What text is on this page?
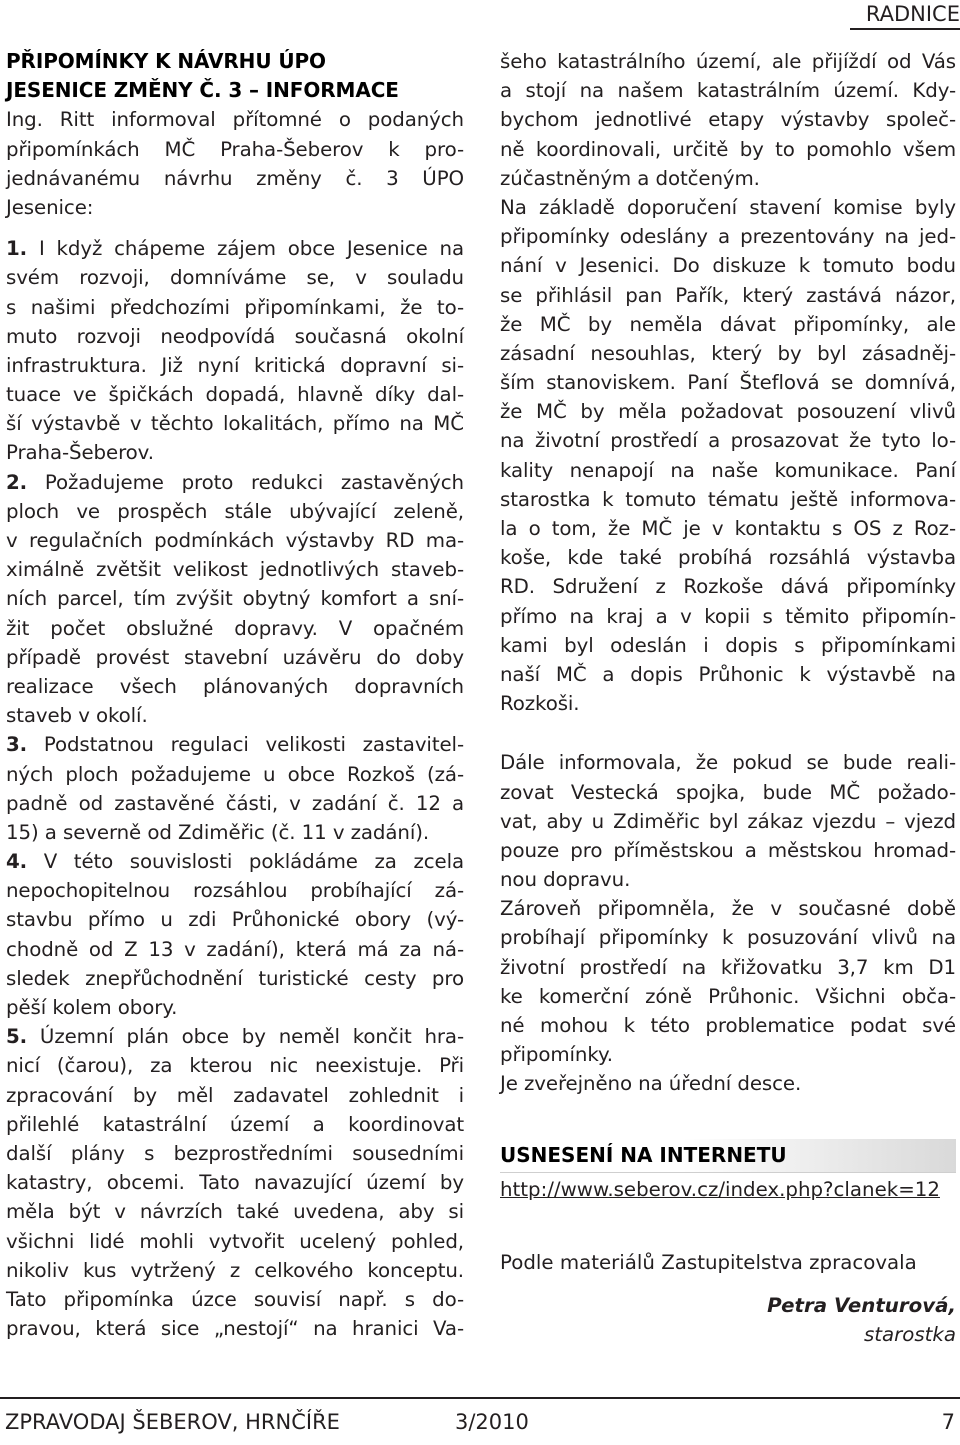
RADNICE
PŘIPOMÍNKY K NÁVRHU ÚPO
JESENICE ZMĚNY Č. 3 – INFORMACE
Ing. Ritt informoval přítomné o podaných
připomínkách MČ Praha-Šeberov k pro-
jednávanému návrhu změny č. 3 ÚPO
Jesenice:
1. I když chápeme zájem obce Jesenice na
svém rozvoji, domníváme se, v souladu
s našimi předchozími připomínkami, že to-
muto rozvoji neodpovídá současná okolní
infrastruktura. Již nyní kritická dopravní si-
tuace ve špičkách dopadá, hlavně díky dal-
ší výstavbě v těchto lokalitách, přímo na MČ
Praha-Šeberov.
2. Požadujeme proto redukci zastavěných
ploch ve prospěch stále ubývající zeleně,
v regulačních podmínkách výstavby RD ma-
ximálně zvětšit velikost jednotlivých staveb-
ních parcel, tím zvýšit obytný komfort a sní-
žit počet obslužné dopravy. V opačném
případě provést stavební uzávěru do doby
realizace všech plánovaných dopravních
staveb v okolí.
3. Podstatnou regulaci velikosti zastavitel-
ných ploch požadujeme u obce Rozkoš (zá-
padně od zastavěné části, v zadání č. 12 a
15) a severně od Zdiměřic (č. 11 v zadání).
4. V této souvislosti pokládáme za zcela
nepochopitelnou rozsáhlou probíhající zá-
stavbu přímo u zdi Průhonické obory (vý-
chodně od Z 13 v zadání), která má za ná-
sledek znepřůchodnění turistické cesty pro
pěší kolem obory.
5. Územní plán obce by neměl končit hra-
nicí (čarou), za kterou nic neexistuje. Při
zpracování by měl zadavatel zohlednit i
přilehlé katastrální území a koordinovat
další plány s bezprostředními sousedními
katastry, obcemi. Tato navazující území by
měla být v návrzích také uvedena, aby si
všichni lidé mohli vytvořit ucelený pohled,
nikoliv kus vytržený z celkového konceptu.
Tato připomínka úzce souvisí např. s do-
pravou, která sice „nestojí“ na hranici Va-
šeho katastrálního území, ale přijíždí od Vás
a stojí na našem katastrálním území. Kdy-
bychom jednotlivé etapy výstavby společ-
ně koordinovali, určitě by to pomohlo všem
zúčastněným a dotčeným.
Na základě doporučení stavení komise byly
připomínky odeslány a prezentovány na jed-
nání v Jesenici. Do diskuze k tomuto bodu
se přihlásil pan Pařík, který zastává názor,
že MČ by neměla dávat připomínky, ale
zásadní nesouhlas, který by byl zásadněj-
ším stanoviskem. Paní Šteflová se domnívá,
že MČ by měla požadovat posouzení vlivů
na životní prostředí a prosazovat že tyto lo-
kality nenapojí na naše komunikace. Paní
starostka k tomuto tématu ještě informova-
la o tom, že MČ je v kontaktu s OS z Roz-
koše, kde také probíhá rozsáhlá výstavba
RD. Sdružení z Rozkoše dává připomínky
přímo na kraj a v kopii s těmito připomín-
kami byl odeslán i dopis s připomínkami
naší MČ a dopis Průhonic k výstavbě na
Rozkoši.
Dále informovala, že pokud se bude reali-
zovat Vestecká spojka, bude MČ požado-
vat, aby u Zdiměřic byl zákaz vjezdu – vjezd
pouze pro příměstskou a městskou hromad-
nou dopravu.
Zároveň připomněla, že v současné době
probíhají připomínky k posuzování vlivů na
životní prostředí na křižovatku 3,7 km D1
ke komerční zóně Průhonic. Všichni obča-
né mohou k této problematice podat své
připomínky.
Je zveřejněno na úřední desce.
USNESENÍ NA INTERNETU
http://www.seberov.cz/index.php?clanek=12
Podle materiálů Zastupitelstva zpracovala
Petra Venturová,
starostka
ZPRAVODAJ ŠEBEROV, HRNČÍŘE	3/2010	7
